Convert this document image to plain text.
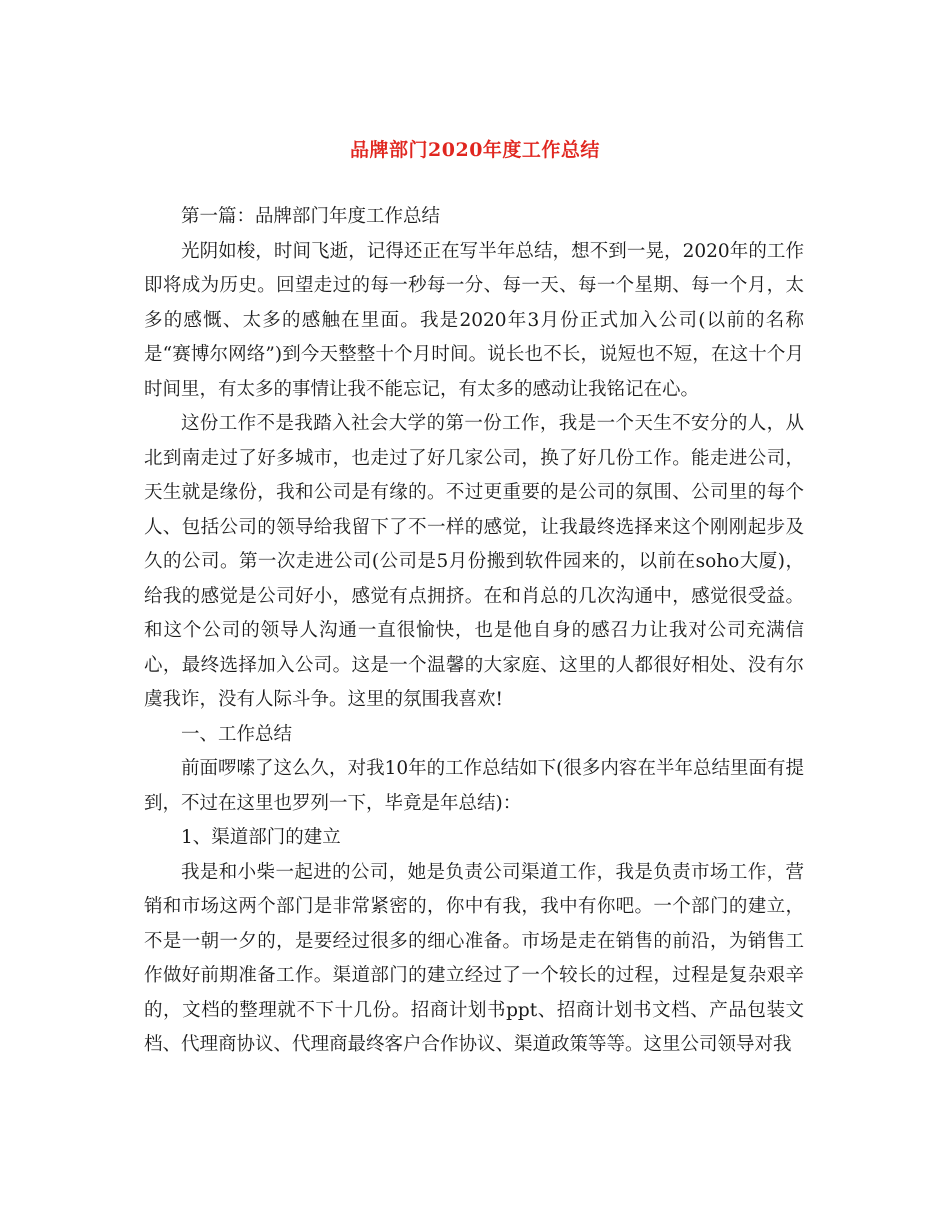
品牌部门2020年度工作总结

第一篇：品牌部门年度工作总结

光阴如梭，时间飞逝，记得还正在写半年总结，想不到一晃，2020年的工作即将成为历史。回望走过的每一秒每一分、每一天、每一个星期、每一个月，太多的感慨、太多的感触在里面。我是2020年3月份正式加入公司(以前的名称是“赛博尔网络”)到今天整整十个月时间。说长也不长，说短也不短，在这十个月时间里，有太多的事情让我不能忘记，有太多的感动让我铭记在心。

这份工作不是我踏入社会大学的第一份工作，我是一个天生不安分的人，从北到南走过了好多城市，也走过了好几家公司，换了好几份工作。能走进公司，天生就是缘份，我和公司是有缘的。不过更重要的是公司的氛围、公司里的每个人、包括公司的领导给我留下了不一样的感觉，让我最终选择来这个刚刚起步及久的公司。第一次走进公司(公司是5月份搬到软件园来的，以前在soho大厦)，给我的感觉是公司好小，感觉有点拥挤。在和肖总的几次沟通中，感觉很受益。和这个公司的领导人沟通一直很愉快，也是他自身的感召力让我对公司充满信心，最终选择加入公司。这是一个温馨的大家庭、这里的人都很好相处、没有尔虞我诈，没有人际斗争。这里的氛围我喜欢!

一、工作总结

前面啰嗦了这么久，对我10年的工作总结如下(很多内容在半年总结里面有提到，不过在这里也罗列一下，毕竟是年总结)：

1、渠道部门的建立

我是和小柴一起进的公司，她是负责公司渠道工作，我是负责市场工作，营销和市场这两个部门是非常紧密的，你中有我，我中有你吧。一个部门的建立，不是一朝一夕的，是要经过很多的细心准备。市场是走在销售的前沿，为销售工作做好前期准备工作。渠道部门的建立经过了一个较长的过程，过程是复杂艰辛的，文档的整理就不下十几份。招商计划书ppt、招商计划书文档、产品包装文档、代理商协议、代理商最终客户合作协议、渠道政策等等。这里公司领导对我
